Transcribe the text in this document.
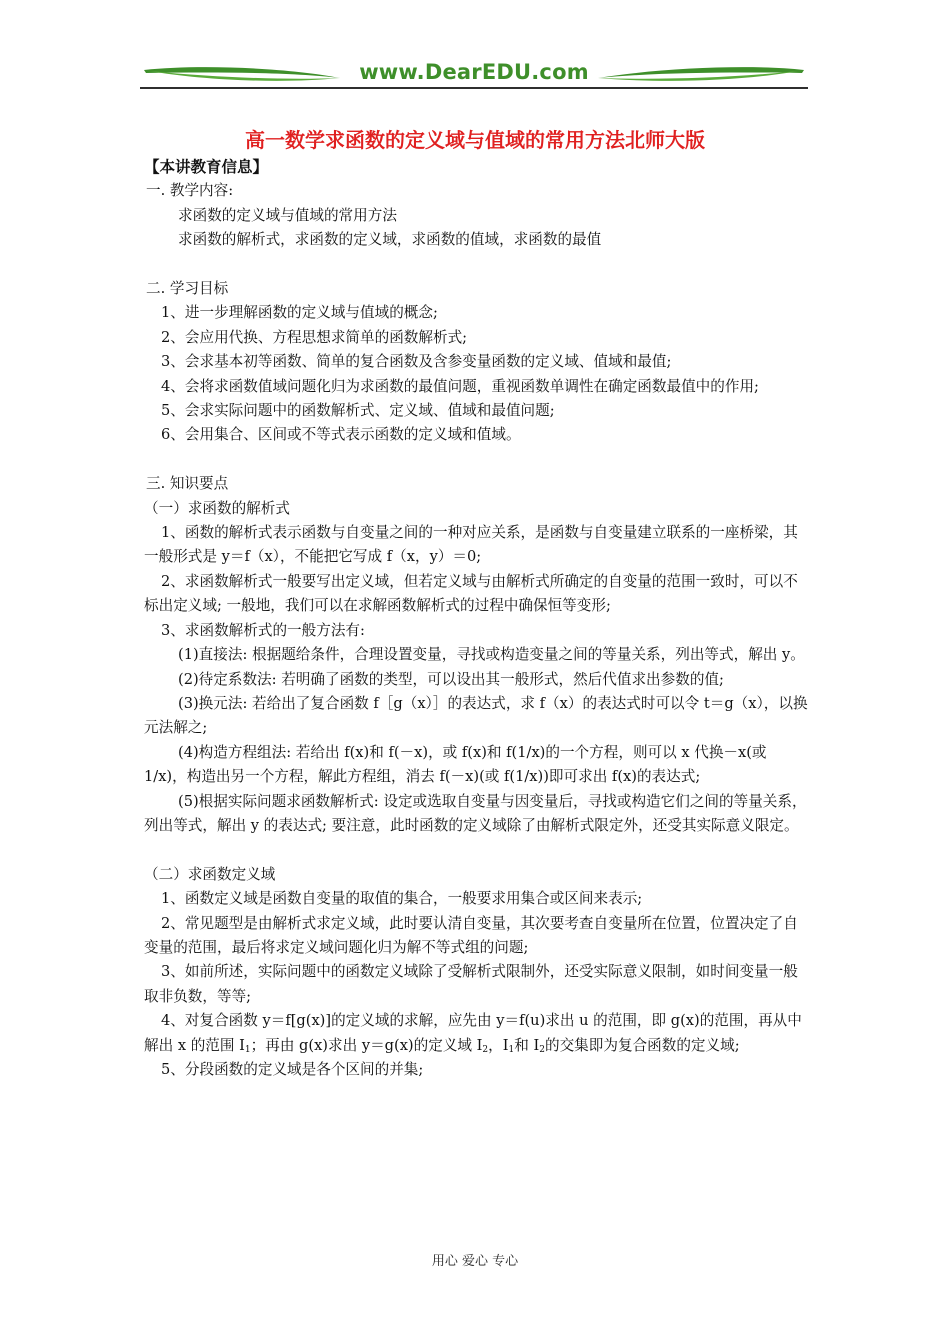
www.DearEDU.com
高一数学求函数的定义域与值域的常用方法北师大版

【本讲教育信息】

一. 教学内容:

求函数的定义域与值域的常用方法

求函数的解析式，求函数的定义域，求函数的值域，求函数的最值

二. 学习目标

1、进一步理解函数的定义域与值域的概念;

2、会应用代换、方程思想求简单的函数解析式;

3、会求基本初等函数、简单的复合函数及含参变量函数的定义域、值域和最值;

4、会将求函数值域问题化归为求函数的最值问题，重视函数单调性在确定函数最值中的作用;

5、会求实际问题中的函数解析式、定义域、值域和最值问题;

6、会用集合、区间或不等式表示函数的定义域和值域。

三. 知识要点

（一）求函数的解析式

1、函数的解析式表示函数与自变量之间的一种对应关系，是函数与自变量建立联系的一座桥梁，其一般形式是 y＝f（x），不能把它写成 f（x，y）＝0;

2、求函数解析式一般要写出定义域，但若定义域与由解析式所确定的自变量的范围一致时，可以不标出定义域; 一般地，我们可以在求解函数解析式的过程中确保恒等变形;

3、求函数解析式的一般方法有:

(1)直接法: 根据题给条件，合理设置变量，寻找或构造变量之间的等量关系，列出等式，解出 y。

(2)待定系数法: 若明确了函数的类型，可以设出其一般形式，然后代值求出参数的值;

(3)换元法: 若给出了复合函数 f［g（x）］的表达式，求 f（x）的表达式时可以令 t＝g（x），以换元法解之;

(4)构造方程组法: 若给出 f(x)和 f(－x)，或 f(x)和 f(1/x)的一个方程，则可以 x 代换－x(或 1/x)，构造出另一个方程，解此方程组，消去 f(－x)(或 f(1/x))即可求出 f(x)的表达式;

(5)根据实际问题求函数解析式: 设定或选取自变量与因变量后，寻找或构造它们之间的等量关系，列出等式，解出 y 的表达式; 要注意，此时函数的定义域除了由解析式限定外，还受其实际意义限定。

（二）求函数定义域

1、函数定义域是函数自变量的取值的集合，一般要求用集合或区间来表示;

2、常见题型是由解析式求定义域，此时要认清自变量，其次要考查自变量所在位置，位置决定了自变量的范围，最后将求定义域问题化归为解不等式组的问题;

3、如前所述，实际问题中的函数定义域除了受解析式限制外，还受实际意义限制，如时间变量一般取非负数，等等;

4、对复合函数 y＝f[g(x)]的定义域的求解，应先由 y＝f(u)求出 u 的范围，即 g(x)的范围，再从中解出 x 的范围 $I_1$；再由 g(x)求出 y＝g(x)的定义域 $I_2$，$I_1$和 $I_2$的交集即为复合函数的定义域;

5、分段函数的定义域是各个区间的并集;

用心 爱心 专心
